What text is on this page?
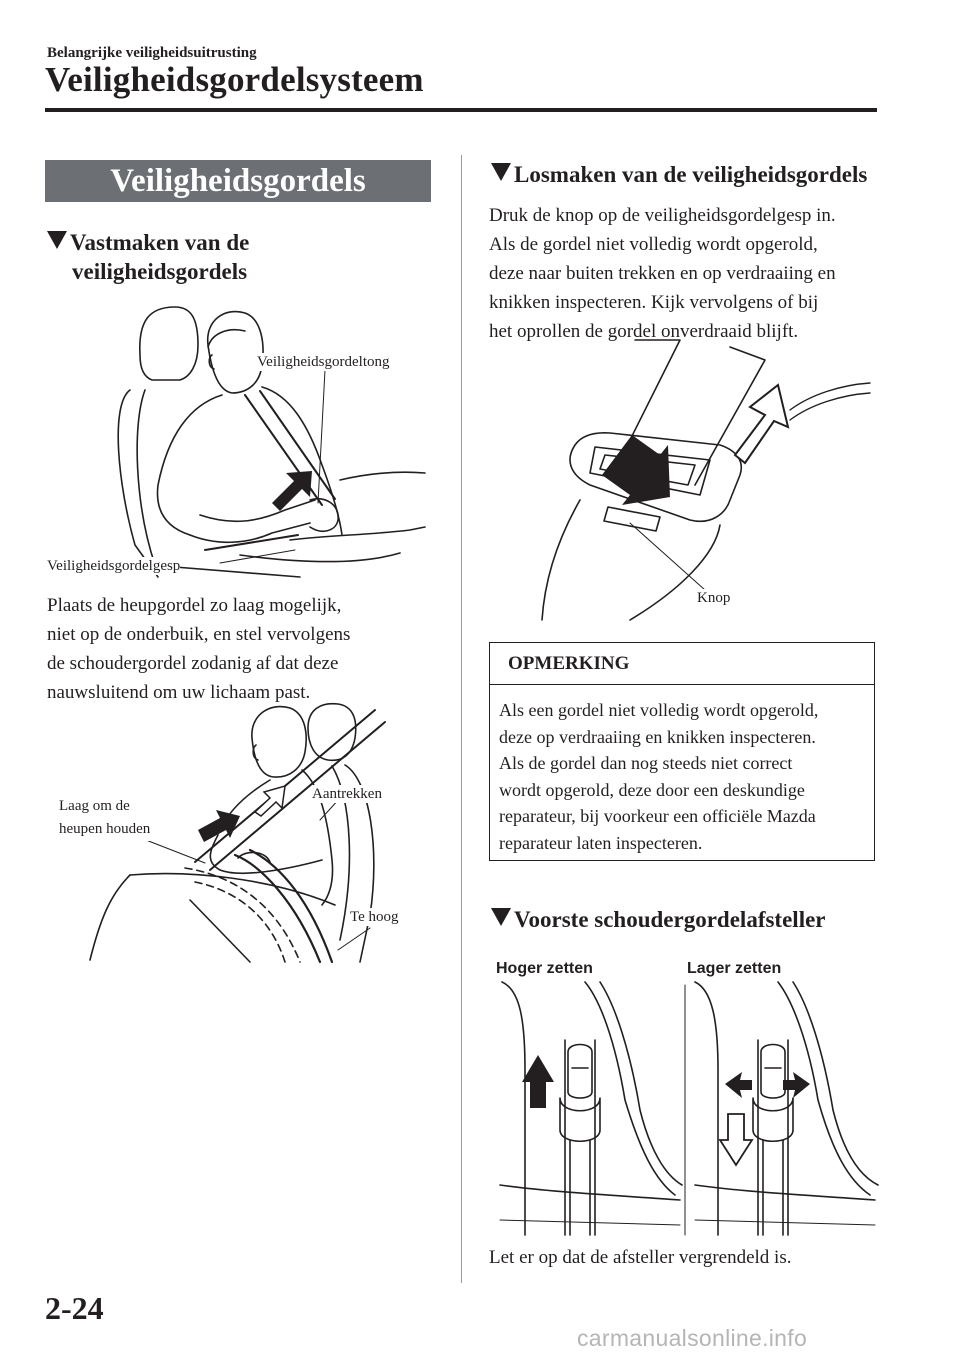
Belangrijke veiligheidsuitrusting
Veiligheidsgordelsysteem
Veiligheidsgordels
Vastmaken van de
veiligheidsgordels
Veiligheidsgordeltong
Veiligheidsgordelgesp
Plaats de heupgordel zo laag mogelijk,
niet op de onderbuik, en stel vervolgens
de schoudergordel zodanig af dat deze
nauwsluitend om uw lichaam past.
Laag om de
heupen houden
Aantrekken
Te hoog
Losmaken van de veiligheidsgordels
Druk de knop op de veiligheidsgordelgesp in.
Als de gordel niet volledig wordt opgerold,
deze naar buiten trekken en op verdraaiing en
knikken inspecteren. Kijk vervolgens of bij
het oprollen de gordel onverdraaid blijft.
Knop
OPMERKING
Als een gordel niet volledig wordt opgerold,
deze op verdraaiing en knikken inspecteren.
Als de gordel dan nog steeds niet correct
wordt opgerold, deze door een deskundige
reparateur, bij voorkeur een officiële Mazda
reparateur laten inspecteren.
Voorste schoudergordelafsteller
Hoger zetten	Lager zetten
Let er op dat de afsteller vergrendeld is.
2-24
carmanualsonline.info
